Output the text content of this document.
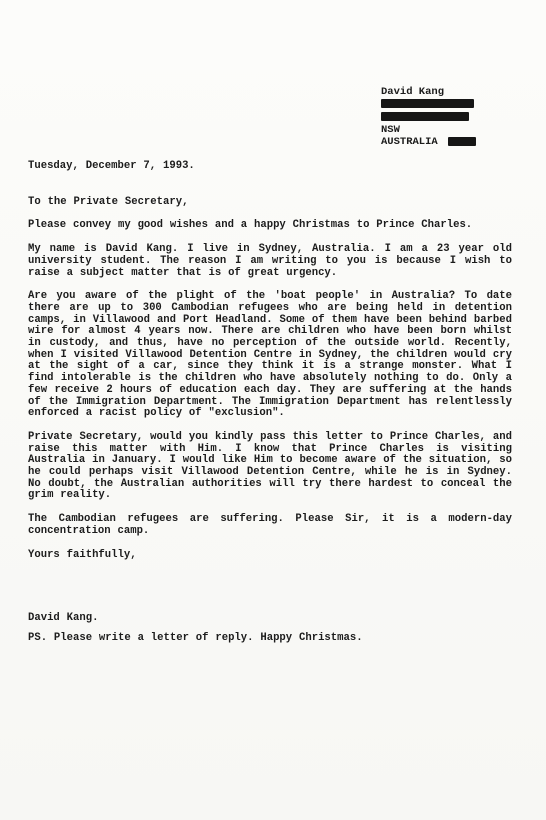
David Kang
NSW
AUSTRALIA

Tuesday, December 7, 1993.

To the Private Secretary,

Please convey my good wishes and a happy Christmas to Prince Charles.

My name is David Kang. I live in Sydney, Australia. I am a 23 year old university student. The reason I am writing to you is because I wish to raise a subject matter that is of great urgency.

Are you aware of the plight of the 'boat people' in Australia? To date there are up to 300 Cambodian refugees who are being held in detention camps, in Villawood and Port Headland. Some of them have been behind barbed wire for almost 4 years now. There are children who have been born whilst in custody, and thus, have no perception of the outside world. Recently, when I visited Villawood Detention Centre in Sydney, the children would cry at the sight of a car, since they think it is a strange monster. What I find intolerable is the children who have absolutely nothing to do. Only a few receive 2 hours of education each day. They are suffering at the hands of the Immigration Department. The Immigration Department has relentlessly enforced a racist policy of "exclusion".

Private Secretary, would you kindly pass this letter to Prince Charles, and raise this matter with Him. I know that Prince Charles is visiting Australia in January. I would like Him to become aware of the situation, so he could perhaps visit Villawood Detention Centre, while he is in Sydney. No doubt, the Australian authorities will try there hardest to conceal the grim reality.

The Cambodian refugees are suffering. Please Sir, it is a modern-day concentration camp.

Yours faithfully,

David Kang.

PS. Please write a letter of reply. Happy Christmas.
